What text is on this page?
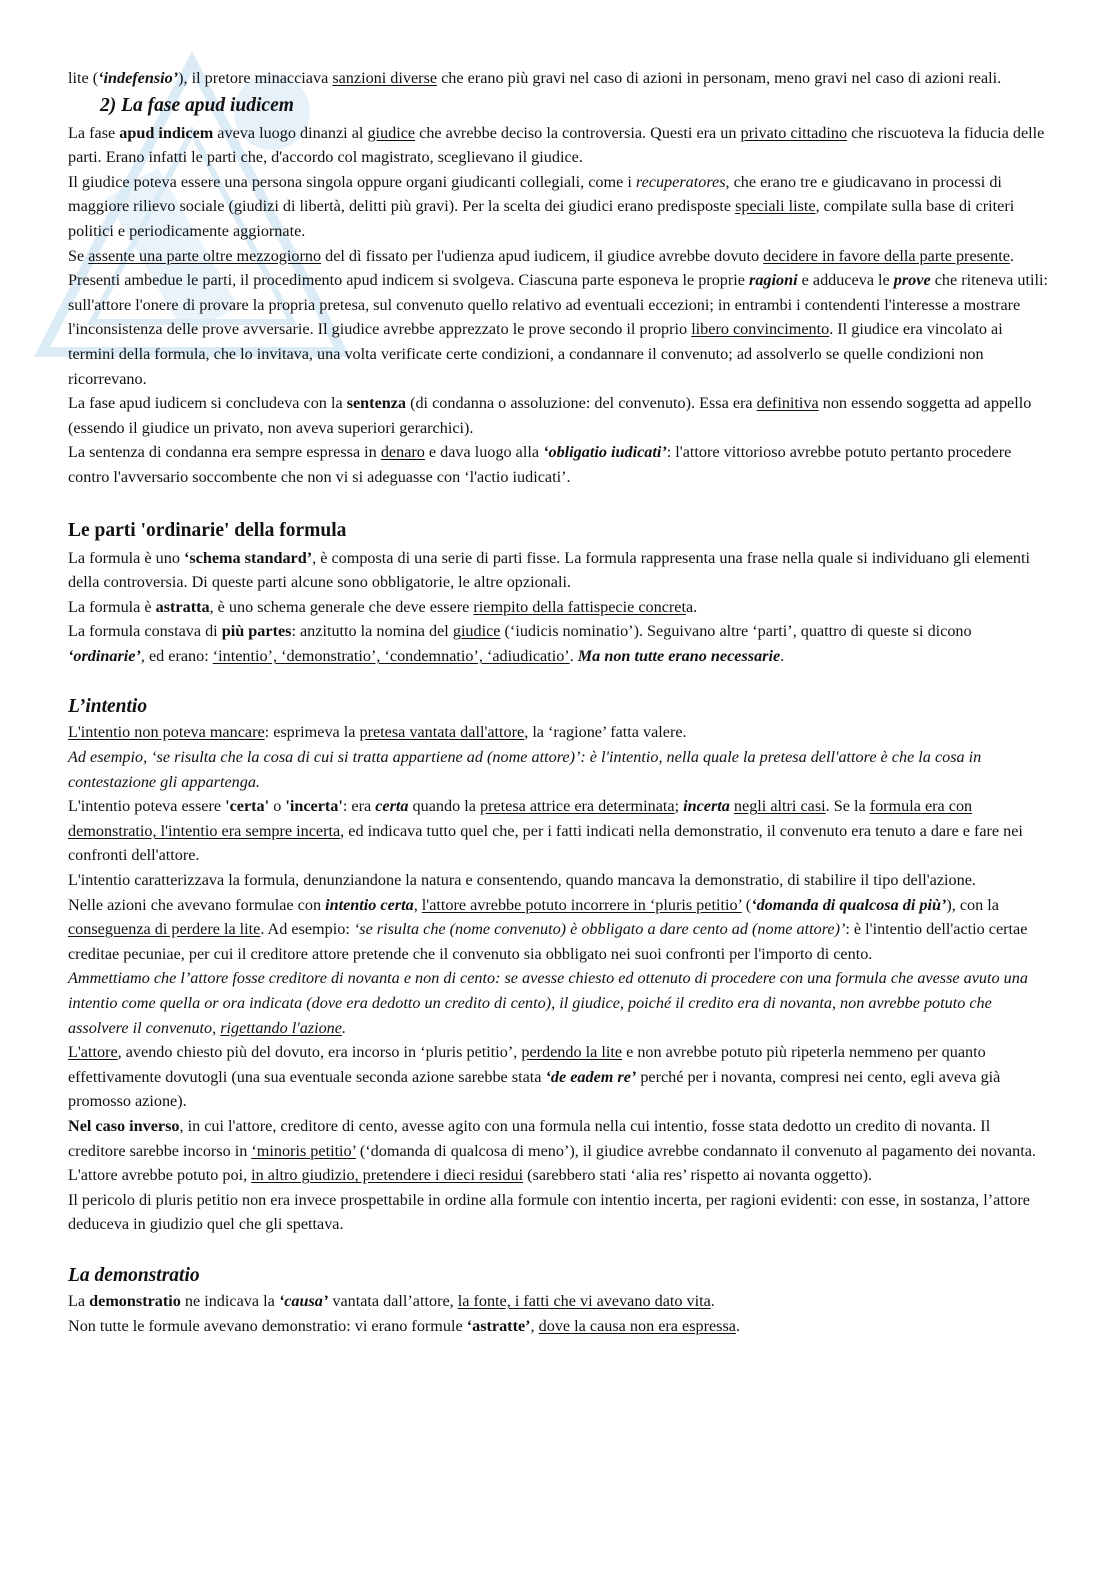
lite (‘indefensio’), il pretore minacciava sanzioni diverse che erano più gravi nel caso di azioni in personam, meno gravi nel caso di azioni reali.

2) La fase apud iudicem

La fase apud indicem aveva luogo dinanzi al giudice che avrebbe deciso la controversia. Questi era un privato cittadino che riscuoteva la fiducia delle parti. Erano infatti le parti che, d'accordo col magistrato, sceglievano il giudice.

Il giudice poteva essere una persona singola oppure organi giudicanti collegiali, come i recuperatores, che erano tre e giudicavano in processi di maggiore rilievo sociale (giudizi di libertà, delitti più gravi). Per la scelta dei giudici erano predisposte speciali liste, compilate sulla base di criteri politici e periodicamente aggiornate.

Se assente una parte oltre mezzogiorno del dì fissato per l'udienza apud iudicem, il giudice avrebbe dovuto decidere in favore della parte presente.

Presenti ambedue le parti, il procedimento apud indicem si svolgeva. Ciascuna parte esponeva le proprie ragioni e adduceva le prove che riteneva utili: sull'attore l'onere di provare la propria pretesa, sul convenuto quello relativo ad eventuali eccezioni; in entrambi i contendenti l'interesse a mostrare l'inconsistenza delle prove avversarie. Il giudice avrebbe apprezzato le prove secondo il proprio libero convincimento. Il giudice era vincolato ai termini della formula, che lo invitava, una volta verificate certe condizioni, a condannare il convenuto; ad assolverlo se quelle condizioni non ricorrevano.

La fase apud iudicem si concludeva con la sentenza (di condanna o assoluzione: del convenuto). Essa era definitiva non essendo soggetta ad appello (essendo il giudice un privato, non aveva superiori gerarchici).

La sentenza di condanna era sempre espressa in denaro e dava luogo alla ‘obligatio iudicati’: l'attore vittorioso avrebbe potuto pertanto procedere contro l'avversario soccombente che non vi si adeguasse con ‘l'actio iudicati’.

Le parti 'ordinarie' della formula

La formula è uno ‘schema standard’, è composta di una serie di parti fisse. La formula rappresenta una frase nella quale si individuano gli elementi della controversia. Di queste parti alcune sono obbligatorie, le altre opzionali.

La formula è astratta, è uno schema generale che deve essere riempito della fattispecie concreta.

La formula constava di più partes: anzitutto la nomina del giudice (‘iudicis nominatio’). Seguivano altre ‘parti’, quattro di queste si dicono ‘ordinarie’, ed erano: ‘intentio’, ‘demonstratio’, ‘condemnatio’, ‘adiudicatio’. Ma non tutte erano necessarie.

L’intentio

L'intentio non poteva mancare: esprimeva la pretesa vantata dall'attore, la ‘ragione’ fatta valere.

Ad esempio, ‘se risulta che la cosa di cui si tratta appartiene ad (nome attore)’: è l'intentio, nella quale la pretesa dell'attore è che la cosa in contestazione gli appartenga.

L'intentio poteva essere 'certa' o 'incerta': era certa quando la pretesa attrice era determinata; incerta negli altri casi. Se la formula era con demonstratio, l'intentio era sempre incerta, ed indicava tutto quel che, per i fatti indicati nella demonstratio, il convenuto era tenuto a dare e fare nei confronti dell'attore.

L'intentio caratterizzava la formula, denunziandone la natura e consentendo, quando mancava la demonstratio, di stabilire il tipo dell'azione.

Nelle azioni che avevano formulae con intentio certa, l'attore avrebbe potuto incorrere in ‘pluris petitio’ (‘domanda di qualcosa di più’), con la conseguenza di perdere la lite. Ad esempio: ‘se risulta che (nome convenuto) è obbligato a dare cento ad (nome attore)’: è l'intentio dell'actio certae creditae pecuniae, per cui il creditore attore pretende che il convenuto sia obbligato nei suoi confronti per l'importo di cento.

Ammettiamo che l’attore fosse creditore di novanta e non di cento: se avesse chiesto ed ottenuto di procedere con una formula che avesse avuto una intentio come quella or ora indicata (dove era dedotto un credito di cento), il giudice, poiché il credito era di novanta, non avrebbe potuto che assolvere il convenuto, rigettando l'azione.

L'attore, avendo chiesto più del dovuto, era incorso in ‘pluris petitio’, perdendo la lite e non avrebbe potuto più ripeterla nemmeno per quanto effettivamente dovutogli (una sua eventuale seconda azione sarebbe stata ‘de eadem re’ perché per i novanta, compresi nei cento, egli aveva già promosso azione).

Nel caso inverso, in cui l'attore, creditore di cento, avesse agito con una formula nella cui intentio, fosse stata dedotto un credito di novanta. Il creditore sarebbe incorso in ‘minoris petitio’ (‘domanda di qualcosa di meno’), il giudice avrebbe condannato il convenuto al pagamento dei novanta. L'attore avrebbe potuto poi, in altro giudizio, pretendere i dieci residui (sarebbero stati ‘alia res’ rispetto ai novanta oggetto).

Il pericolo di pluris petitio non era invece prospettabile in ordine alla formule con intentio incerta, per ragioni evidenti: con esse, in sostanza, l’attore deduceva in giudizio quel che gli spettava.

La demonstratio

La demonstratio ne indicava la ‘causa’ vantata dall’attore, la fonte, i fatti che vi avevano dato vita.

Non tutte le formule avevano demonstratio: vi erano formule ‘astratte’, dove la causa non era espressa.
